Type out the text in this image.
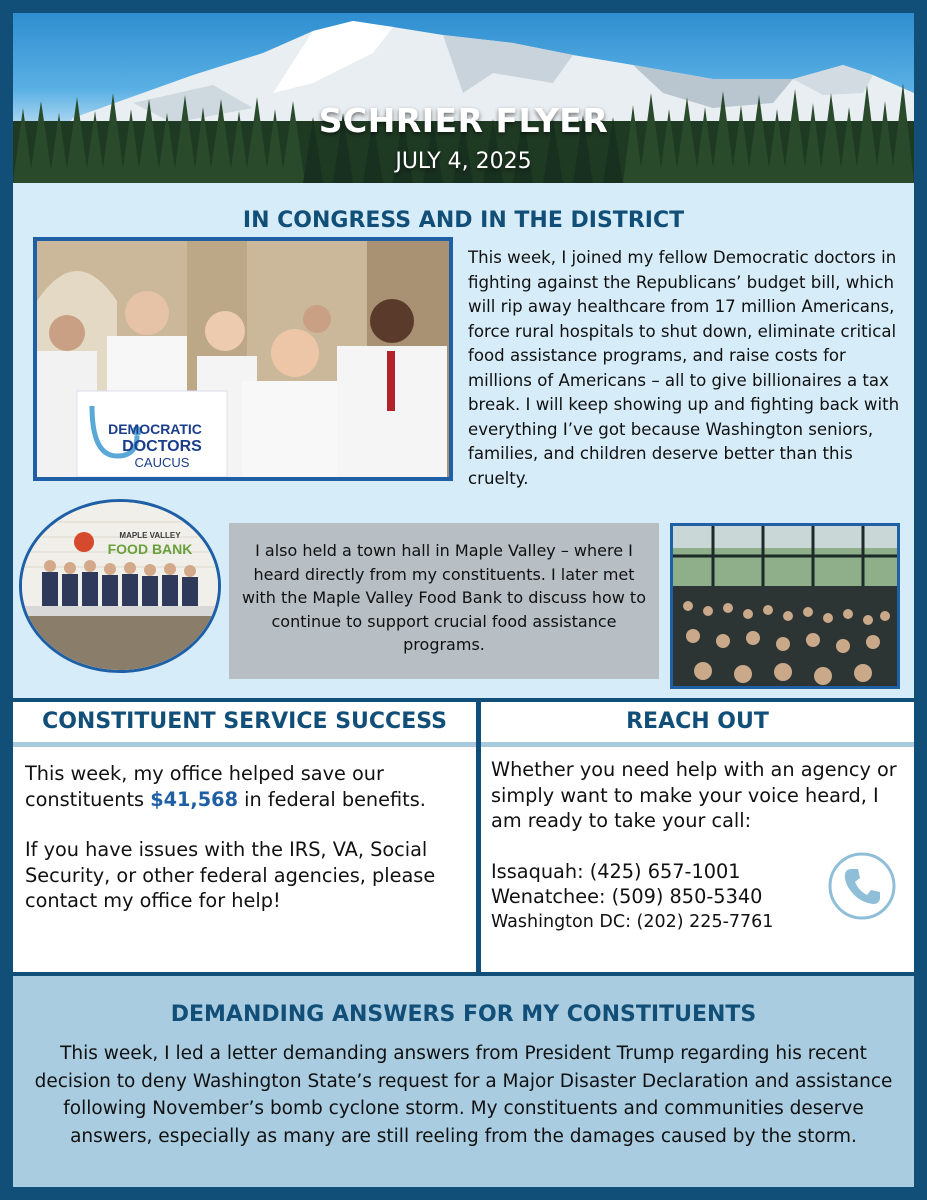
SCHRIER FLYER
JULY 4, 2025
IN CONGRESS AND IN THE DISTRICT
DEMOCRATIC
DOCTORS
CAUCUS
This week, I joined my fellow Democratic doctors in fighting against the Republicans’ budget bill, which will rip away healthcare from 17 million Americans, force rural hospitals to shut down, eliminate critical food assistance programs, and raise costs for millions of Americans – all to give billionaires a tax break. I will keep showing up and fighting back with everything I’ve got because Washington seniors, families, and children deserve better than this cruelty.
MAPLE VALLEY
FOOD BANK	I also held a town hall in Maple Valley – where I heard directly from my constituents. I later met with the Maple Valley Food Bank to discuss how to continue to support crucial food assistance programs.
CONSTITUENT SERVICE SUCCESS
This week, my office helped save our constituents $41,568 in federal benefits.
If you have issues with the IRS, VA, Social Security, or other federal agencies, please contact my office for help!
REACH OUT
Whether you need help with an agency or simply want to make your voice heard, I am ready to take your call:
Issaquah: (425) 657-1001
Wenatchee: (509) 850-5340
Washington DC: (202) 225-7761
DEMANDING ANSWERS FOR MY CONSTITUENTS
This week, I led a letter demanding answers from President Trump regarding his recent decision to deny Washington State’s request for a Major Disaster Declaration and assistance following November’s bomb cyclone storm. My constituents and communities deserve answers, especially as many are still reeling from the damages caused by the storm.
